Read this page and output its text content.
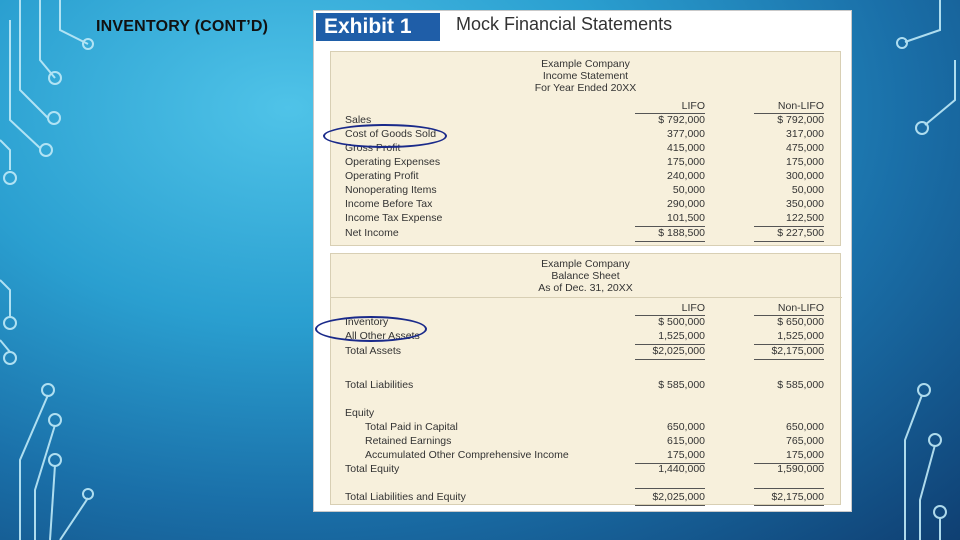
INVENTORY (CONT’D)	Exhibit 1	Mock Financial Statements
Example Company
Income Statement
For Year Ended 20XX
LIFO	Non-LIFO
Sales	$ 792,000	$ 792,000
Cost of Goods Sold	377,000	317,000
Gross Profit	415,000	475,000
Operating Expenses	175,000	175,000
Operating Profit	240,000	300,000
Nonoperating Items	50,000	50,000
Income Before Tax	290,000	350,000
Income Tax Expense	101,500	122,500
Net Income	$ 188,500	$ 227,500
Example Company
Balance Sheet
As of Dec. 31, 20XX
LIFO	Non-LIFO
Inventory	$ 500,000	$ 650,000
All Other Assets	1,525,000	1,525,000
Total Assets	$2,025,000	$2,175,000
Total Liabilities	$ 585,000	$ 585,000
Equity
Total Paid in Capital	650,000	650,000
Retained Earnings	615,000	765,000
Accumulated Other Comprehensive Income	175,000	175,000
Total Equity	1,440,000	1,590,000
Total Liabilities and Equity	$2,025,000	$2,175,000
